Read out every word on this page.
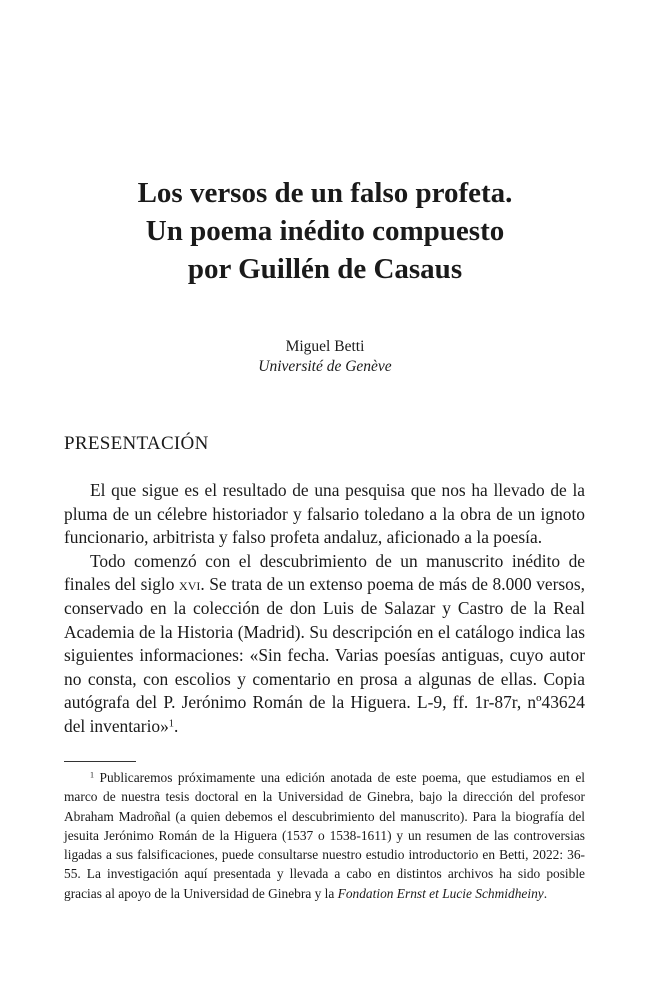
Los versos de un falso profeta.
Un poema inédito compuesto
por Guillén de Casaus
Miguel Betti
Université de Genève
PRESENTACIÓN

El que sigue es el resultado de una pesquisa que nos ha llevado de la pluma de un célebre historiador y falsario toledano a la obra de un ignoto funcionario, arbitrista y falso profeta andaluz, aficionado a la poesía.

Todo comenzó con el descubrimiento de un manuscrito inédito de finales del siglo xvi. Se trata de un extenso poema de más de 8.000 versos, conservado en la colección de don Luis de Salazar y Castro de la Real Academia de la Historia (Madrid). Su descripción en el catálogo indica las siguientes informaciones: «Sin fecha. Varias poesías antiguas, cuyo autor no consta, con escolios y comentario en prosa a algunas de ellas. Copia autógrafa del P. Jerónimo Román de la Higuera. L-9, ff. 1r-87r, nº43624 del inventario»$^1$.

$^1$ Publicaremos próximamente una edición anotada de este poema, que estudiamos en el marco de nuestra tesis doctoral en la Universidad de Ginebra, bajo la dirección del profesor Abraham Madroñal (a quien debemos el descubrimiento del manuscrito). Para la biografía del jesuita Jerónimo Román de la Higuera (1537 o 1538-1611) y un resumen de las controversias ligadas a sus falsificaciones, puede consultarse nuestro estudio introductorio en Betti, 2022: 36-55. La investigación aquí presentada y llevada a cabo en distintos archivos ha sido posible gracias al apoyo de la Universidad de Ginebra y la Fondation Ernst et Lucie Schmidheiny.
